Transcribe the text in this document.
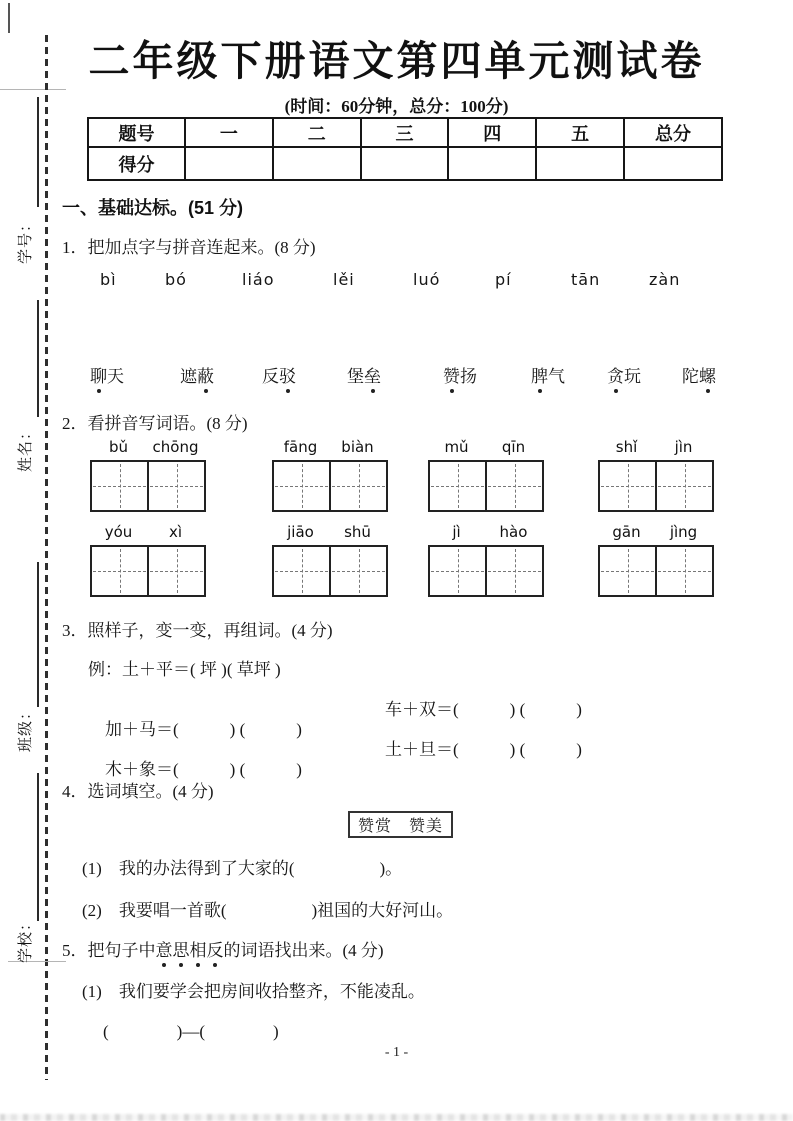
学号：
姓名：
班级：
学校：
二年级下册语文第四单元测试卷
(时间：60分钟，总分：100分)
题号	一	二	三	四	五	总分
得分						
一、基础达标。(51 分)
1．把加点字与拼音连起来。(8 分)
bì	bó	liáo	lěi	luó	pí	tān	zàn
聊天	遮蔽	反驳	堡垒	赞扬	脾气 贪玩 陀螺
2．看拼音写词语。(8 分)
bǔ	chōng	fāng	biàn	mǔ	qīn	shǐ	jìn
yóu	xì	jiāo	shū	jì	hào	gān	jìng
3．照样子，变一变，再组词。(4 分)
例：土＋平＝( 坪 )( 草坪 )

加＋马＝(　　　) (　　　)

车＋双＝(　　　) (　　　)

木＋象＝(　　　) (　　　)

土＋旦＝(　　　) (　　　)

4．选词填空。(4 分)
赞赏　赞美
(1)　我的办法得到了大家的(　　　　　)。
(2)　我要唱一首歌(　　　　　)祖国的大好河山。
5．把句子中意思相反的词语找出来。(4 分)
(1)　我们要学会把房间收拾整齐，不能凌乱。
(　　　　)—(　　　　)
- 1 -
